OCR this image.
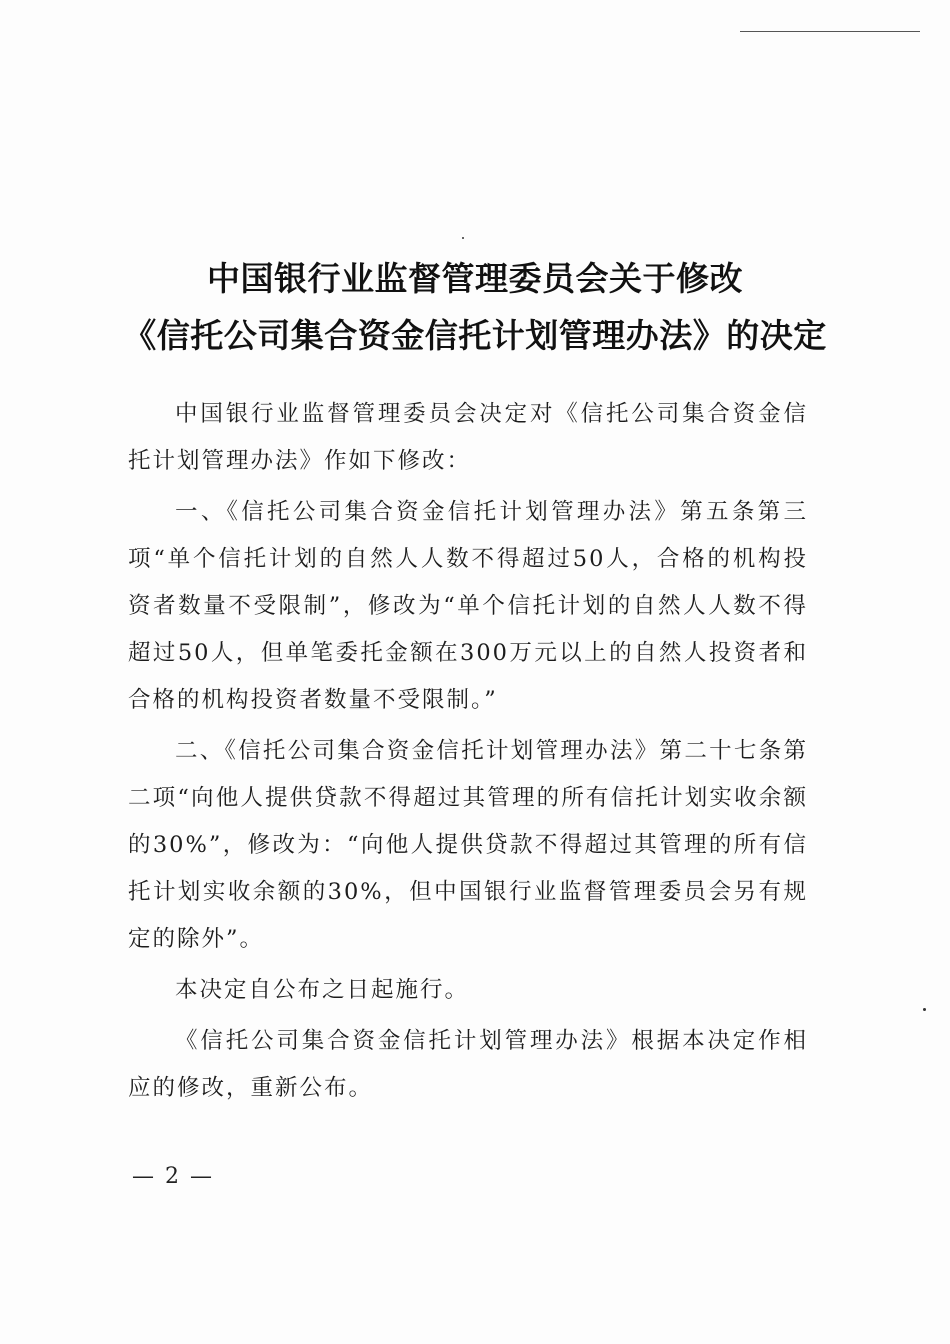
中国银行业监督管理委员会关于修改
《信托公司集合资金信托计划管理办法》的决定

中国银行业监督管理委员会决定对《信托公司集合资金信托计划管理办法》作如下修改：

一、《信托公司集合资金信托计划管理办法》第五条第三项“单个信托计划的自然人人数不得超过50人，合格的机构投资者数量不受限制”，修改为“单个信托计划的自然人人数不得超过50人，但单笔委托金额在300万元以上的自然人投资者和合格的机构投资者数量不受限制。”

二、《信托公司集合资金信托计划管理办法》第二十七条第二项“向他人提供贷款不得超过其管理的所有信托计划实收余额的30%”，修改为：“向他人提供贷款不得超过其管理的所有信托计划实收余额的30%，但中国银行业监督管理委员会另有规定的除外”。

本决定自公布之日起施行。

《信托公司集合资金信托计划管理办法》根据本决定作相应的修改，重新公布。

— 2 —
